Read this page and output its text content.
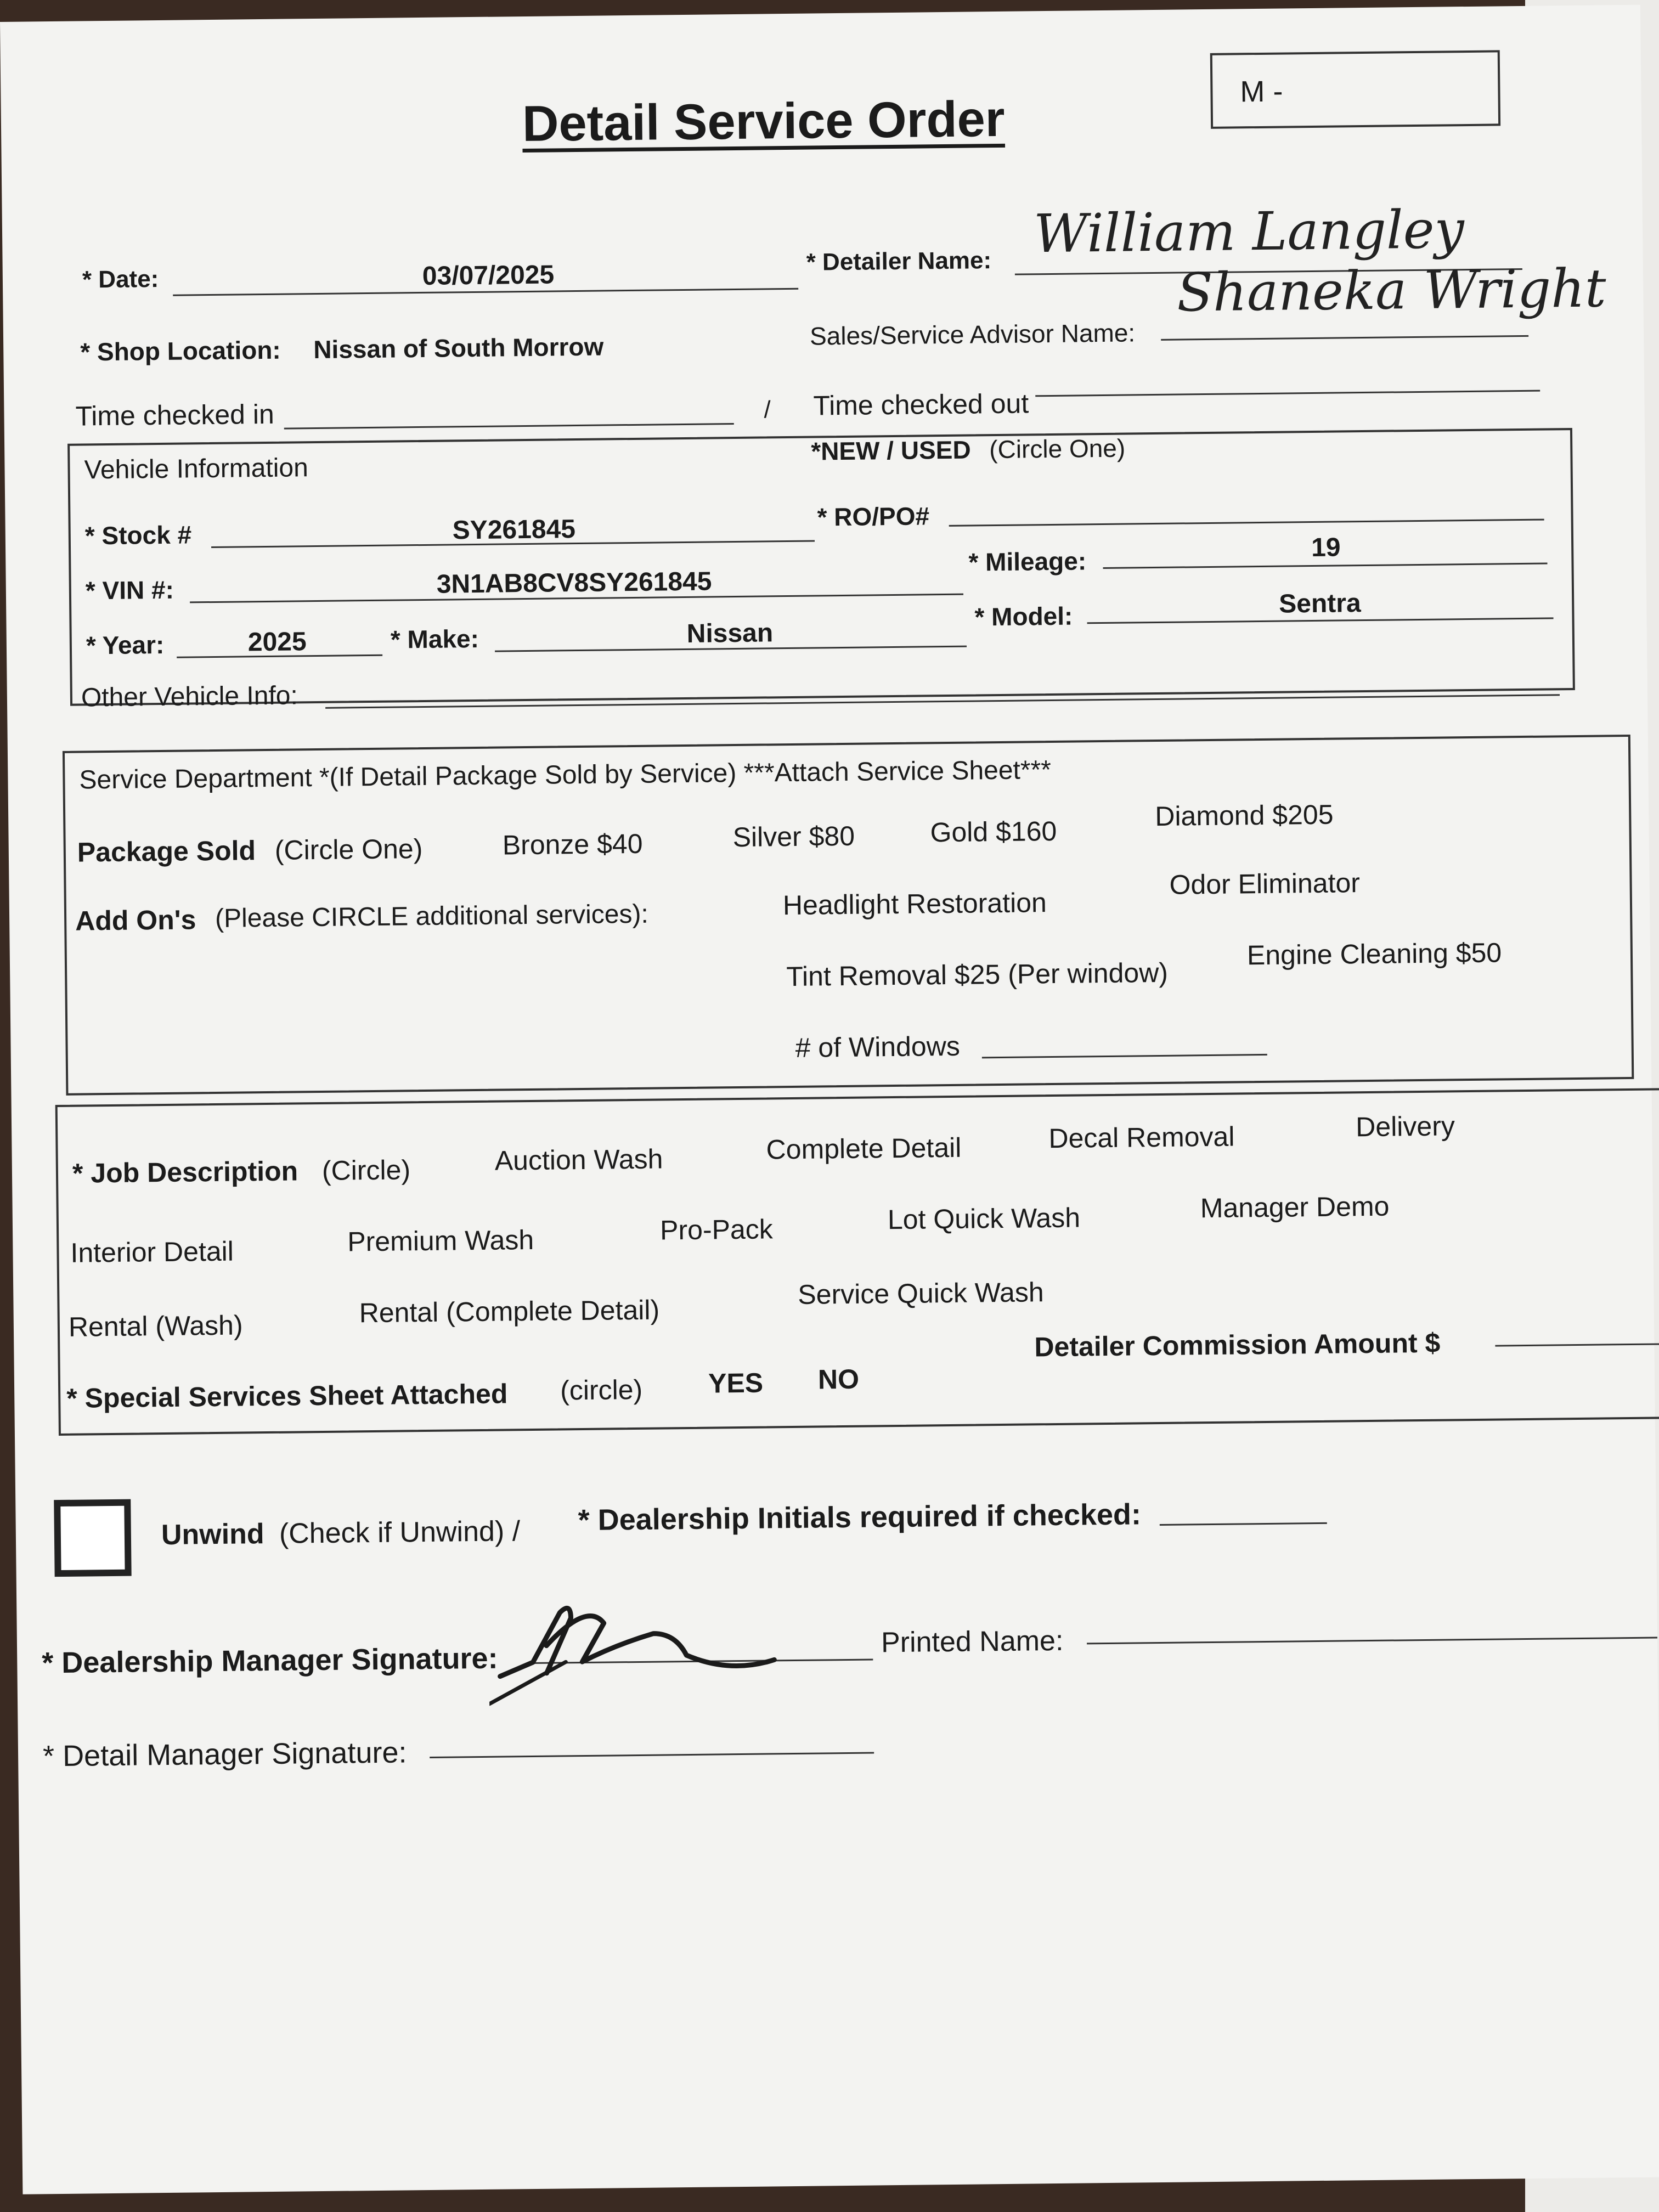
Detail Service Order	M -
* Date:	03/07/2025	* Detailer Name: William Langley
* Shop Location: Nissan of South Morrow	Sales/Service Advisor Name:
Shaneka Wright
Time checked in	/ Time checked out
Vehicle Information
*NEW / USED (Circle One)
* Stock #	SY261845	* RO/PO#
* VIN #:	3N1AB8CV8SY261845
* Mileage:	19
* Year:	2025	* Make:	Nissan
* Model:	Sentra
Other Vehicle Info:
Service Department *(If Detail Package Sold by Service) ***Attach Service Sheet***
Package Sold (Circle One)	Bronze $40	Silver $80	Gold $160
Diamond $205
Add On's (Please CIRCLE additional services):	Headlight Restoration
Odor Eliminator
Tint Removal $25 (Per window)
Engine Cleaning $50
# of Windows
* Job Description (Circle)	Auction Wash	Complete Detail	Decal Removal	Delivery
Interior Detail	Premium Wash	Pro-Pack	Lot Quick Wash	Manager Demo
Rental (Wash)	Rental (Complete Detail)
Service Quick Wash
* Special Services Sheet Attached (circle) YES NO
Detailer Commission Amount $
Unwind (Check if Unwind) / * Dealership Initials required if checked:
* Dealership Manager Signature:
Printed Name:
* Detail Manager Signature:
